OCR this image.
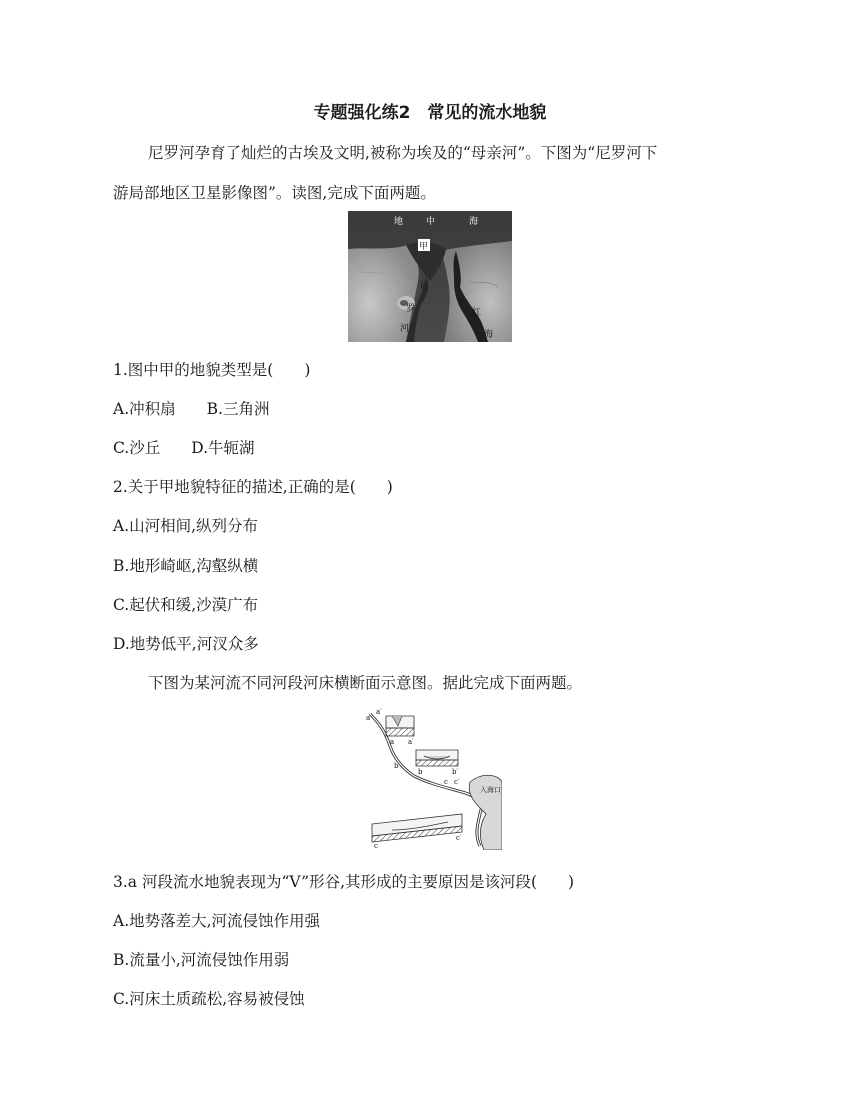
专题强化练2　常见的流水地貌
尼罗河孕育了灿烂的古埃及文明,被称为埃及的“母亲河”。下图为“尼罗河下
游局部地区卫星影像图”。读图,完成下面两题。
地	中	海
甲
尼
罗
河
红
海
1.图中甲的地貌类型是(　　)
A.冲积扇　　B.三角洲
C.沙丘　　D.牛轭湖
2.关于甲地貌特征的描述,正确的是(　　)
A.山河相间,纵列分布
B.地形崎岖,沟壑纵横
C.起伏和缓,沙漠广布
D.地势低平,河汊众多
下图为某河流不同河段河床横断面示意图。据此完成下面两题。
入海口
a
a′
a a′
b
b	b′
c c′
c
c′
3.a 河段流水地貌表现为“V”形谷,其形成的主要原因是该河段(　　)
A.地势落差大,河流侵蚀作用强
B.流量小,河流侵蚀作用弱
C.河床土质疏松,容易被侵蚀
